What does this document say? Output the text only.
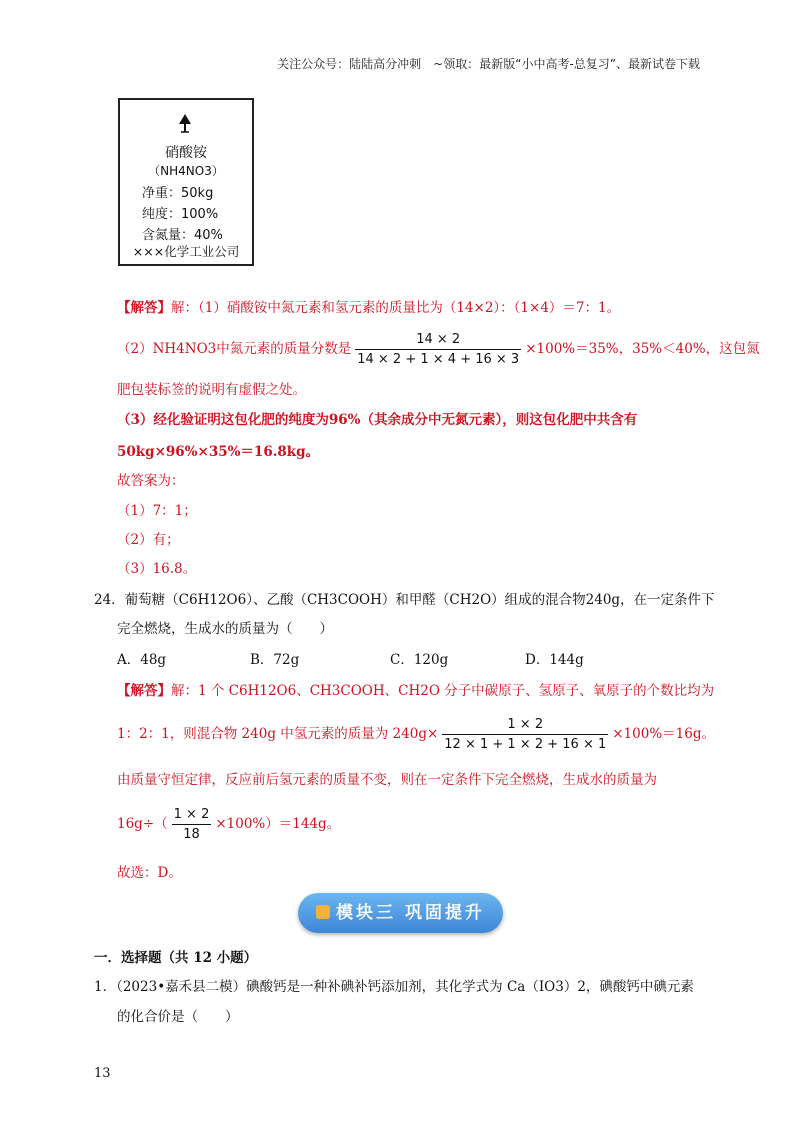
关注公众号：陆陆高分冲刺　~领取：最新版“小中高考-总复习”、最新试卷下载
硝酸铵
（NH4NO3）
净重：50kg
纯度：100%
含氮量：40%
×××化学工业公司
【解答】解：（1）硝酸铵中氮元素和氢元素的质量比为（14×2）：（1×4）＝7：1。
（2）NH4NO3中氮元素的质量分数是 $\frac{14 \times 2}{14 \times 2 + 1 \times 4 + 16 \times 3} \times 100\%=35\%$，35%＜40%，这包氮
肥包装标签的说明有虚假之处。
（3）经化验证明这包化肥的纯度为96%（其余成分中无氮元素），则这包化肥中共含有
50kg×96%×35%＝16.8kg。
故答案为：
（1）7：1；
（2）有；
（3）16.8。
24．葡萄糖（C6H12O6）、乙酸（CH3COOH）和甲醛（CH2O）组成的混合物240g，在一定条件下
完全燃烧，生成水的质量为（　　）
A．48g	B．72g	C．120g	D．144g
【解答】解：1 个 C6H12O6、CH3COOH、CH2O 分子中碳原子、氢原子、氧原子的个数比均为
1：2：1，则混合物 240g 中氢元素的质量为 $240g\times \frac{1 \times 2}{12 \times 1 + 1 \times 2 + 16 \times 1} \times 100\%=16g$。
由质量守恒定律，反应前后氢元素的质量不变，则在一定条件下完全燃烧，生成水的质量为
$16g\div( \frac{1 \times 2}{18} \times 100\%)=144g$。
故选：D。
模块三 巩固提升
一．选择题（共 12 小题）
1．（2023•嘉禾县二模）碘酸钙是一种补碘补钙添加剂，其化学式为 Ca（IO3）2，碘酸钙中碘元素
的化合价是（　　）
13
